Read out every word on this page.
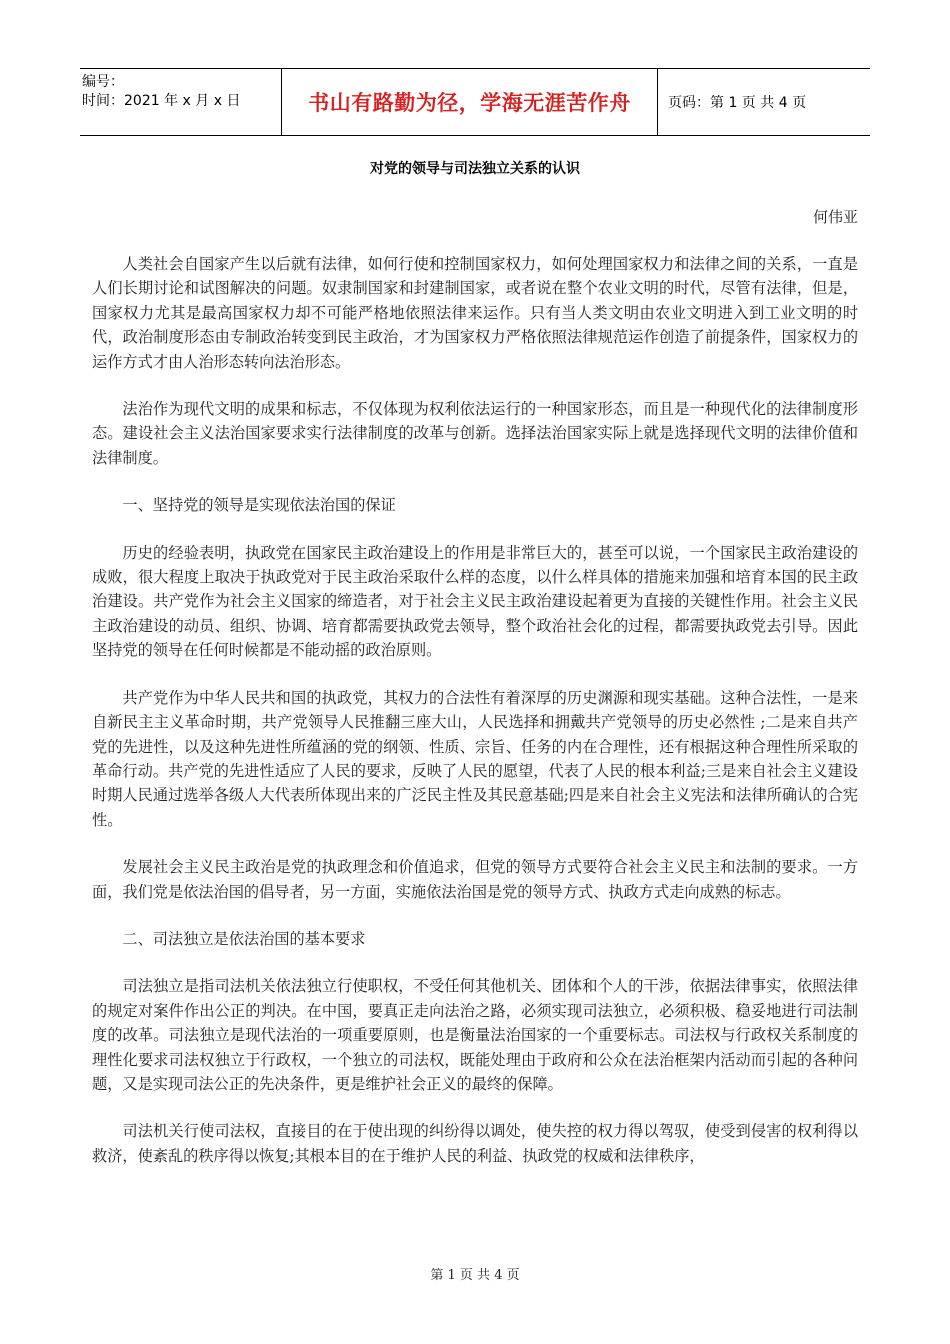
编号：
时间：2021 年 x 月 x 日	书山有路勤为径，学海无涯苦作舟	页码：第 1 页 共 4 页
对党的领导与司法独立关系的认识
何伟亚

人类社会自国家产生以后就有法律，如何行使和控制国家权力，如何处理国家权力和法律之间的关系，一直是人们长期讨论和试图解决的问题。奴隶制国家和封建制国家，或者说在整个农业文明的时代，尽管有法律，但是，国家权力尤其是最高国家权力却不可能严格地依照法律来运作。只有当人类文明由农业文明进入到工业文明的时代，政治制度形态由专制政治转变到民主政治，才为国家权力严格依照法律规范运作创造了前提条件，国家权力的运作方式才由人治形态转向法治形态。

法治作为现代文明的成果和标志，不仅体现为权利依法运行的一种国家形态，而且是一种现代化的法律制度形态。建设社会主义法治国家要求实行法律制度的改革与创新。选择法治国家实际上就是选择现代文明的法律价值和法律制度。

一、坚持党的领导是实现依法治国的保证

历史的经验表明，执政党在国家民主政治建设上的作用是非常巨大的，甚至可以说，一个国家民主政治建设的成败，很大程度上取决于执政党对于民主政治采取什么样的态度，以什么样具体的措施来加强和培育本国的民主政治建设。共产党作为社会主义国家的缔造者，对于社会主义民主政治建设起着更为直接的关键性作用。社会主义民主政治建设的动员、组织、协调、培育都需要执政党去领导，整个政治社会化的过程，都需要执政党去引导。因此坚持党的领导在任何时候都是不能动摇的政治原则。

共产党作为中华人民共和国的执政党，其权力的合法性有着深厚的历史渊源和现实基础。这种合法性，一是来自新民主主义革命时期，共产党领导人民推翻三座大山，人民选择和拥戴共产党领导的历史必然性 ;二是来自共产党的先进性，以及这种先进性所蕴涵的党的纲领、性质、宗旨、任务的内在合理性，还有根据这种合理性所采取的革命行动。共产党的先进性适应了人民的要求，反映了人民的愿望，代表了人民的根本利益;三是来自社会主义建设时期人民通过选举各级人大代表所体现出来的广泛民主性及其民意基础;四是来自社会主义宪法和法律所确认的合宪性。

发展社会主义民主政治是党的执政理念和价值追求，但党的领导方式要符合社会主义民主和法制的要求。一方面，我们党是依法治国的倡导者，另一方面，实施依法治国是党的领导方式、执政方式走向成熟的标志。

二、司法独立是依法治国的基本要求

司法独立是指司法机关依法独立行使职权，不受任何其他机关、团体和个人的干涉，依据法律事实，依照法律的规定对案件作出公正的判决。在中国，要真正走向法治之路，必须实现司法独立，必须积极、稳妥地进行司法制度的改革。司法独立是现代法治的一项重要原则，也是衡量法治国家的一个重要标志。司法权与行政权关系制度的理性化要求司法权独立于行政权，一个独立的司法权，既能处理由于政府和公众在法治框架内活动而引起的各种问题，又是实现司法公正的先决条件，更是维护社会正义的最终的保障。

司法机关行使司法权，直接目的在于使出现的纠纷得以调处，使失控的权力得以驾驭，使受到侵害的权利得以救济，使紊乱的秩序得以恢复;其根本目的在于维护人民的利益、执政党的权威和法律秩序，

第 1 页 共 4 页
